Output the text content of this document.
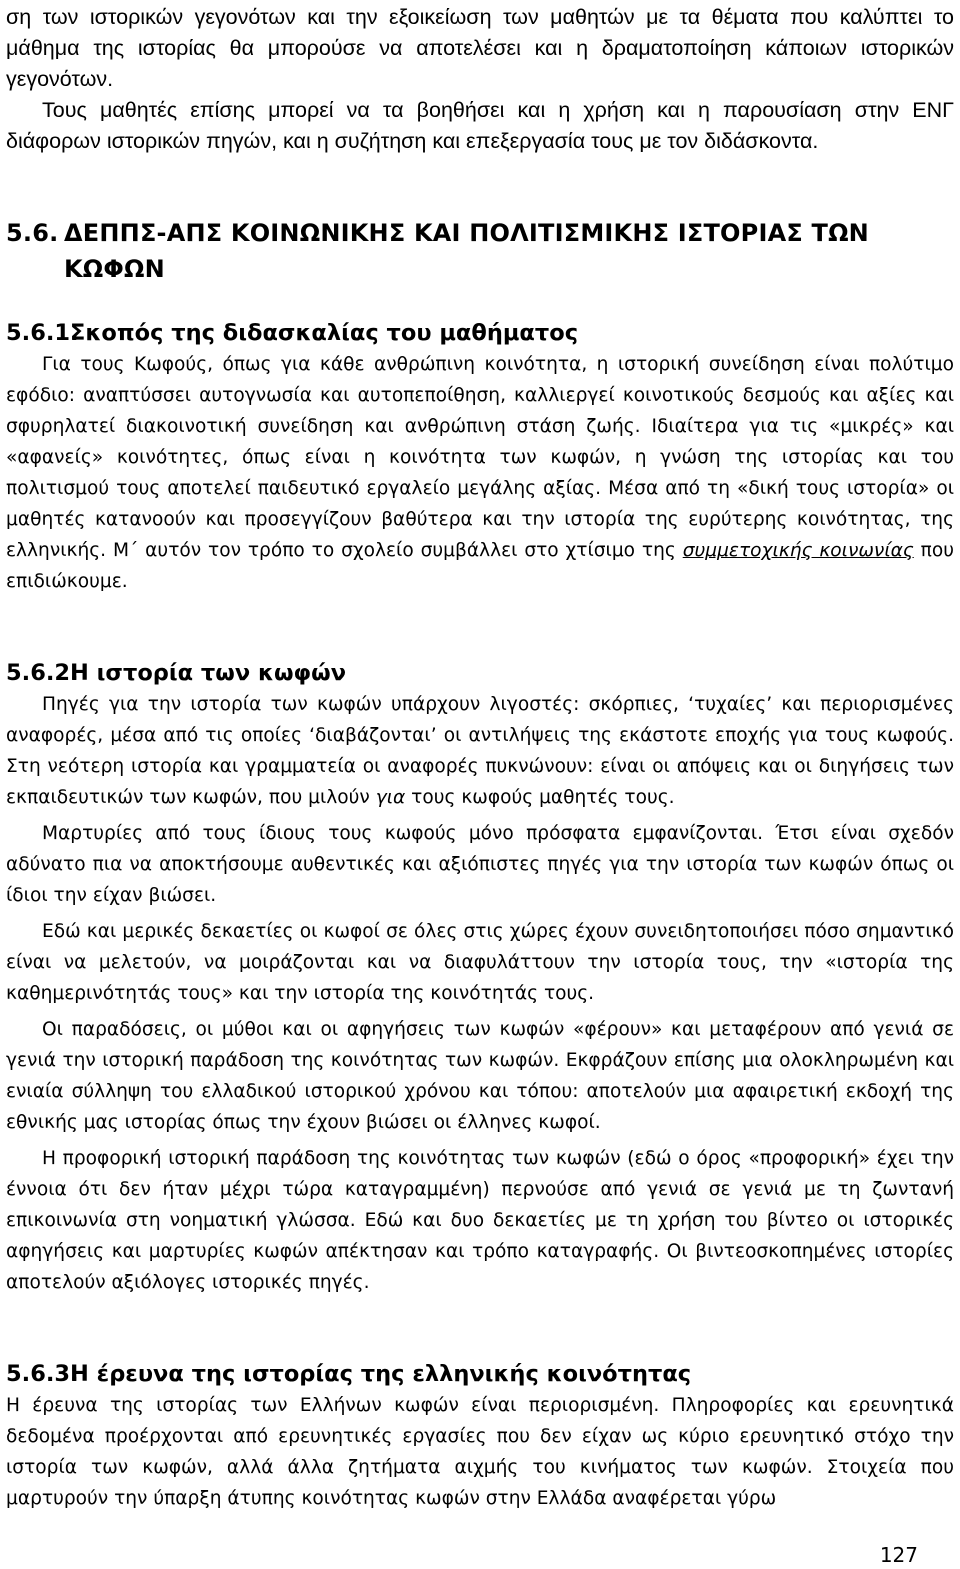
ση των ιστορικών γεγονότων και την εξοικείωση των μαθητών με τα θέματα που καλύπτει το μάθημα της ιστορίας θα μπορούσε να αποτελέσει και η δραματοποίηση κάποιων ιστορικών γεγονότων.

Τους μαθητές επίσης μπορεί να τα βοηθήσει και η χρήση και η παρουσίαση στην ΕΝΓ διάφορων ιστορικών πηγών, και η συζήτηση και επεξεργασία τους με τον διδάσκοντα.

5.6. ΔΕΠΠΣ-ΑΠΣ ΚΟΙΝΩΝΙΚΗΣ ΚΑΙ ΠΟΛΙΤΙΣΜΙΚΗΣ ΙΣΤΟΡΙΑΣ ΤΩΝ ΚΩΦΩΝ
5.6.1.Σκοπός της διδασκαλίας του μαθήματος

Για τους Κωφούς, όπως για κάθε ανθρώπινη κοινότητα, η ιστορική συνείδηση είναι πολύτιμο εφόδιο: αναπτύσσει αυτογνωσία και αυτοπεποίθηση, καλλιεργεί κοινοτικούς δεσμούς και αξίες και σφυρηλατεί διακοινοτική συνείδηση και ανθρώπινη στάση ζωής. Ιδιαίτερα για τις «μικρές» και «αφανείς» κοινότητες, όπως είναι η κοινότητα των κωφών, η γνώση της ιστορίας και του πολιτισμού τους αποτελεί παιδευτικό εργαλείο μεγάλης αξίας. Μέσα από τη «δική τους ιστορία» οι μαθητές κατανοούν και προσεγγίζουν βαθύτερα και την ιστορία της ευρύτερης κοινότητας, της ελληνικής. Μ΄ αυτόν τον τρόπο το σχολείο συμβάλλει στο χτίσιμο της συμμετοχικής κοινωνίας που επιδιώκουμε.

5.6.2.Η ιστορία των κωφών

Πηγές για την ιστορία των κωφών υπάρχουν λιγοστές: σκόρπιες, ‘τυχαίες’ και περιορισμένες αναφορές, μέσα από τις οποίες ‘διαβάζονται’ οι αντιλήψεις της εκάστοτε εποχής για τους κωφούς. Στη νεότερη ιστορία και γραμματεία οι αναφορές πυκνώνουν: είναι οι απόψεις και οι διηγήσεις των εκπαιδευτικών των κωφών, που μιλούν για τους κωφούς μαθητές τους.

Μαρτυρίες από τους ίδιους τους κωφούς μόνο πρόσφατα εμφανίζονται. Έτσι είναι σχεδόν αδύνατο πια να αποκτήσουμε αυθεντικές και αξιόπιστες πηγές για την ιστορία των κωφών όπως οι ίδιοι την είχαν βιώσει.

Εδώ και μερικές δεκαετίες οι κωφοί σε όλες στις χώρες έχουν συνειδητοποιήσει πόσο σημαντικό είναι να μελετούν, να μοιράζονται και να διαφυλάττουν την ιστορία τους, την «ιστορία της καθημερινότητάς τους» και την ιστορία της κοινότητάς τους.

Οι παραδόσεις, οι μύθοι και οι αφηγήσεις των κωφών «φέρουν» και μεταφέρουν από γενιά σε γενιά την ιστορική παράδοση της κοινότητας των κωφών. Εκφράζουν επίσης μια ολοκληρωμένη και ενιαία σύλληψη του ελλαδικού ιστορικού χρόνου και τόπου: αποτελούν μια αφαιρετική εκδοχή της εθνικής μας ιστορίας όπως την έχουν βιώσει οι έλληνες κωφοί.

Η προφορική ιστορική παράδοση της κοινότητας των κωφών (εδώ ο όρος «προφορική» έχει την έννοια ότι δεν ήταν μέχρι τώρα καταγραμμένη) περνούσε από γενιά σε γενιά με τη ζωντανή επικοινωνία στη νοηματική γλώσσα. Εδώ και δυο δεκαετίες με τη χρήση του βίντεο οι ιστορικές αφηγήσεις και μαρτυρίες κωφών απέκτησαν και τρόπο καταγραφής. Οι βιντεοσκοπημένες ιστορίες αποτελούν αξιόλογες ιστορικές πηγές.

5.6.3.Η έρευνα της ιστορίας της ελληνικής κοινότητας

Η έρευνα της ιστορίας των Ελλήνων κωφών είναι περιορισμένη. Πληροφορίες και ερευνητικά δεδομένα προέρχονται από ερευνητικές εργασίες που δεν είχαν ως κύριο ερευνητικό στόχο την ιστορία των κωφών, αλλά άλλα ζητήματα αιχμής του κινήματος των κωφών. Στοιχεία που μαρτυρούν την ύπαρξη άτυπης κοινότητας κωφών στην Ελλάδα αναφέρεται γύρω

127
